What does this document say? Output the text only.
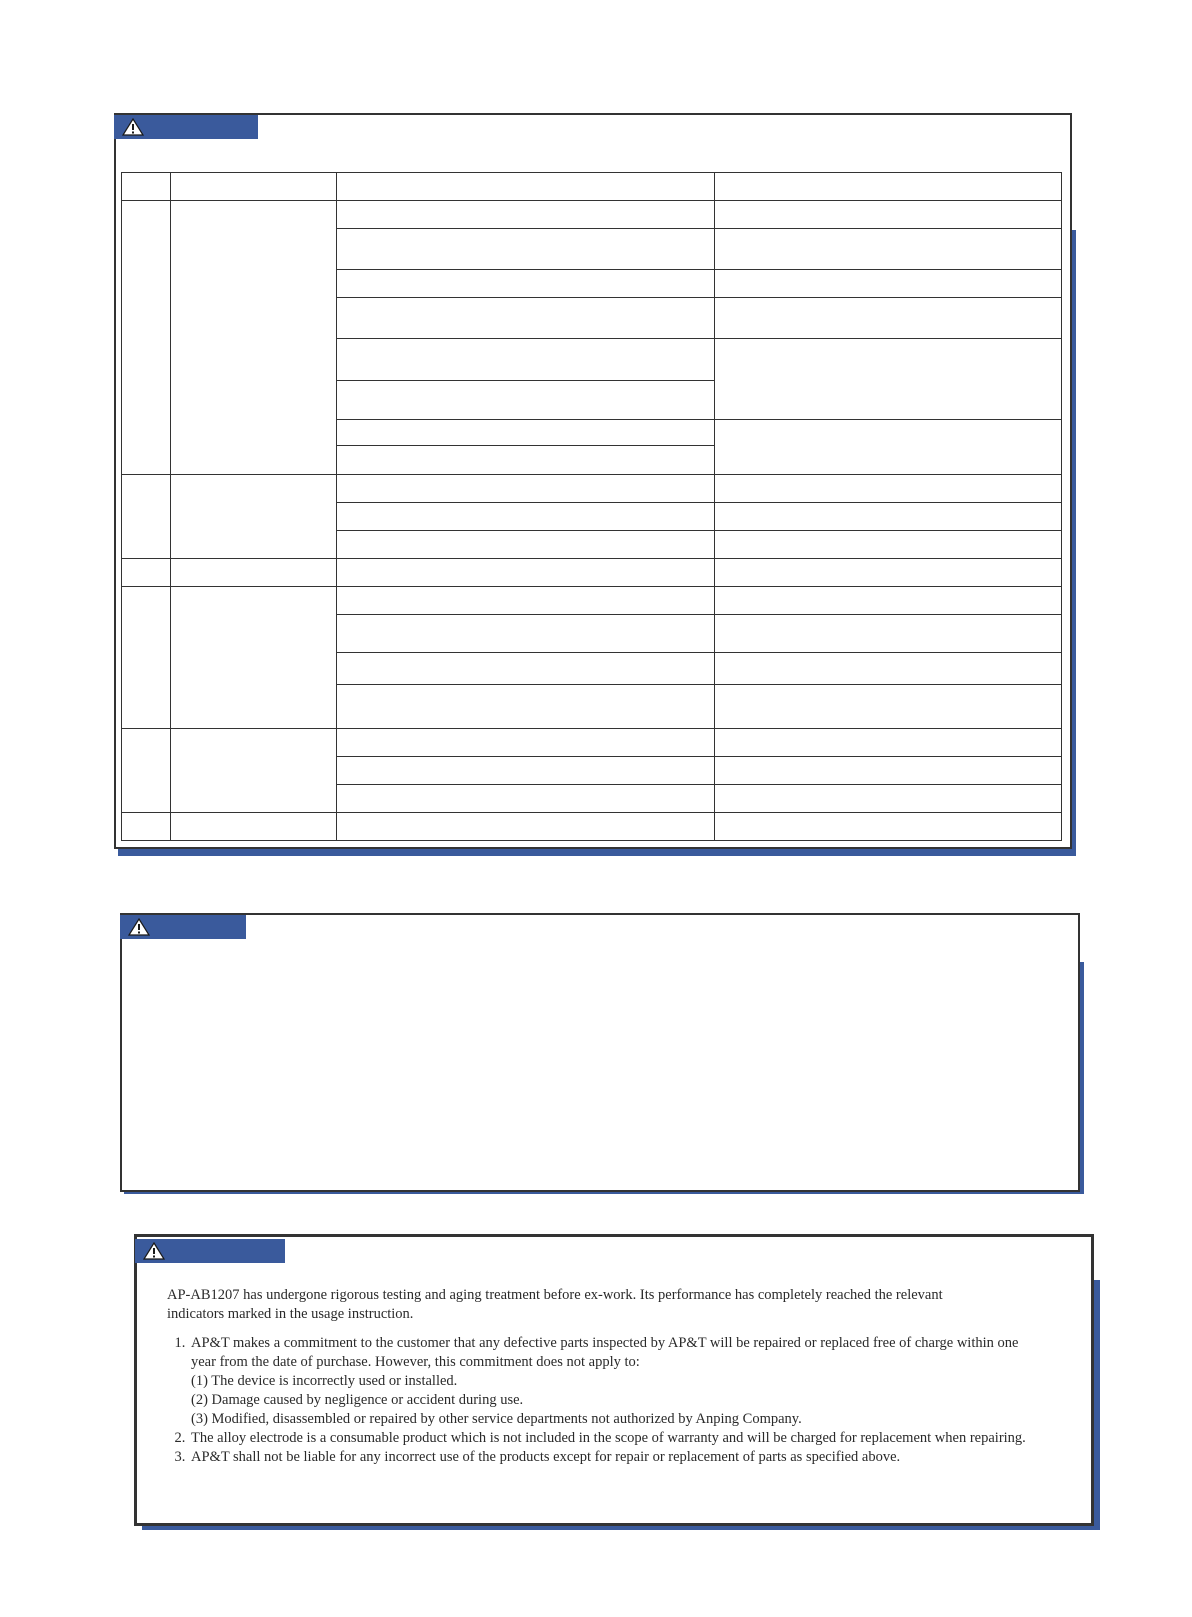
AP-AB1207 has undergone rigorous testing and aging treatment before ex-work. Its performance has completely reached the relevant indicators marked in the usage instruction.

1. AP&T makes a commitment to the customer that any defective parts inspected by AP&T will be repaired or replaced free of charge within one year from the date of purchase. However, this commitment does not apply to:
(1) The device is incorrectly used or installed.
(2) Damage caused by negligence or accident during use.
(3) Modified, disassembled or repaired by other service departments not authorized by Anping Company.
2. The alloy electrode is a consumable product which is not included in the scope of warranty and will be charged for replacement when repairing.
3. AP&T shall not be liable for any incorrect use of the products except for repair or replacement of parts as specified above.
